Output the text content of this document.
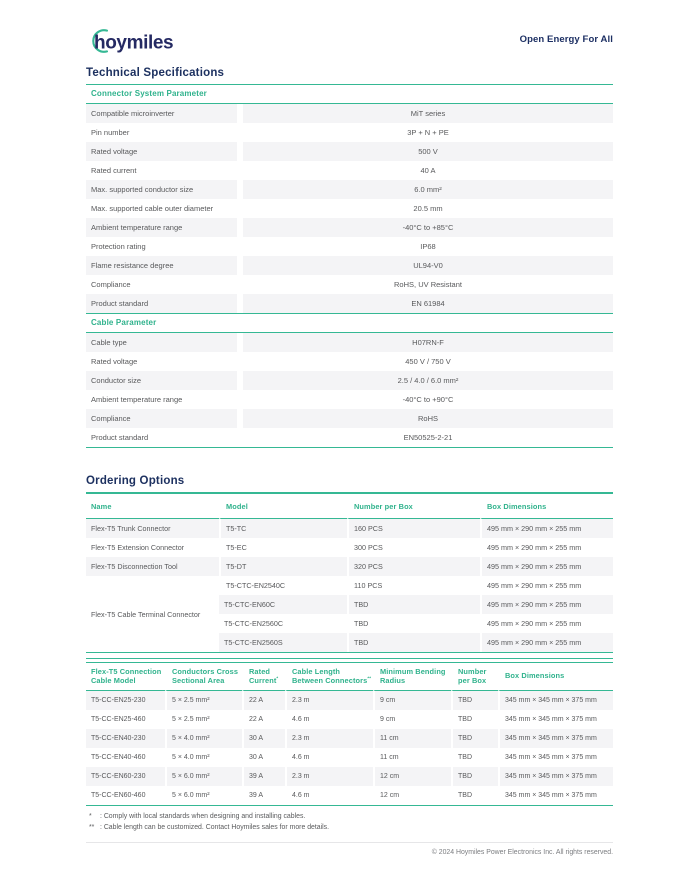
hoymiles	Open Energy For All
Technical Specifications
Connector System Parameter
Compatible microinverter	MiT series
Pin number	3P + N + PE
Rated voltage	500 V
Rated current	40 A
Max. supported conductor size	6.0 mm²
Max. supported cable outer diameter	20.5 mm
Ambient temperature range	-40°C to +85°C
Protection rating	IP68
Flame resistance degree	UL94-V0
Compliance	RoHS, UV Resistant
Product standard	EN 61984
Cable Parameter
Cable type	H07RN-F
Rated voltage	450 V / 750 V
Conductor size	2.5 / 4.0 / 6.0 mm²
Ambient temperature range	-40°C to +90°C
Compliance	RoHS
Product standard	EN50525-2-21
Ordering Options
Name	Model	Number per Box	Box Dimensions
Flex-T5 Trunk Connector	T5-TC	160 PCS	495 mm × 290 mm × 255 mm
Flex-T5 Extension Connector	T5-EC	300 PCS	495 mm × 290 mm × 255 mm
Flex-T5 Disconnection Tool	T5-DT	320 PCS	495 mm × 290 mm × 255 mm
Flex-T5 Cable Terminal Connector	T5-CTC-EN2540C	110 PCS	495 mm × 290 mm × 255 mm
	T5-CTC-EN60C	TBD	495 mm × 290 mm × 255 mm
	T5-CTC-EN2560C	TBD	495 mm × 290 mm × 255 mm
	T5-CTC-EN2560S	TBD	495 mm × 290 mm × 255 mm
Flex-T5 Connection Cable Model	Conductors Cross Sectional Area	Rated Current*	Cable Length Between Connectors**	Minimum Bending Radius	Number per Box	Box Dimensions
T5-CC-EN25-230	5 × 2.5 mm²	22 A	2.3 m	9 cm	TBD	345 mm × 345 mm × 375 mm
T5-CC-EN25-460	5 × 2.5 mm²	22 A	4.6 m	9 cm	TBD	345 mm × 345 mm × 375 mm
T5-CC-EN40-230	5 × 4.0 mm²	30 A	2.3 m	11 cm	TBD	345 mm × 345 mm × 375 mm
T5-CC-EN40-460	5 × 4.0 mm²	30 A	4.6 m	11 cm	TBD	345 mm × 345 mm × 375 mm
T5-CC-EN60-230	5 × 6.0 mm²	39 A	2.3 m	12 cm	TBD	345 mm × 345 mm × 375 mm
T5-CC-EN60-460	5 × 6.0 mm²	39 A	4.6 m	12 cm	TBD	345 mm × 345 mm × 375 mm
*	: Comply with local standards when designing and installing cables.
** : Cable length can be customized. Contact Hoymiles sales for more details.
© 2024 Hoymiles Power Electronics Inc. All rights reserved.
